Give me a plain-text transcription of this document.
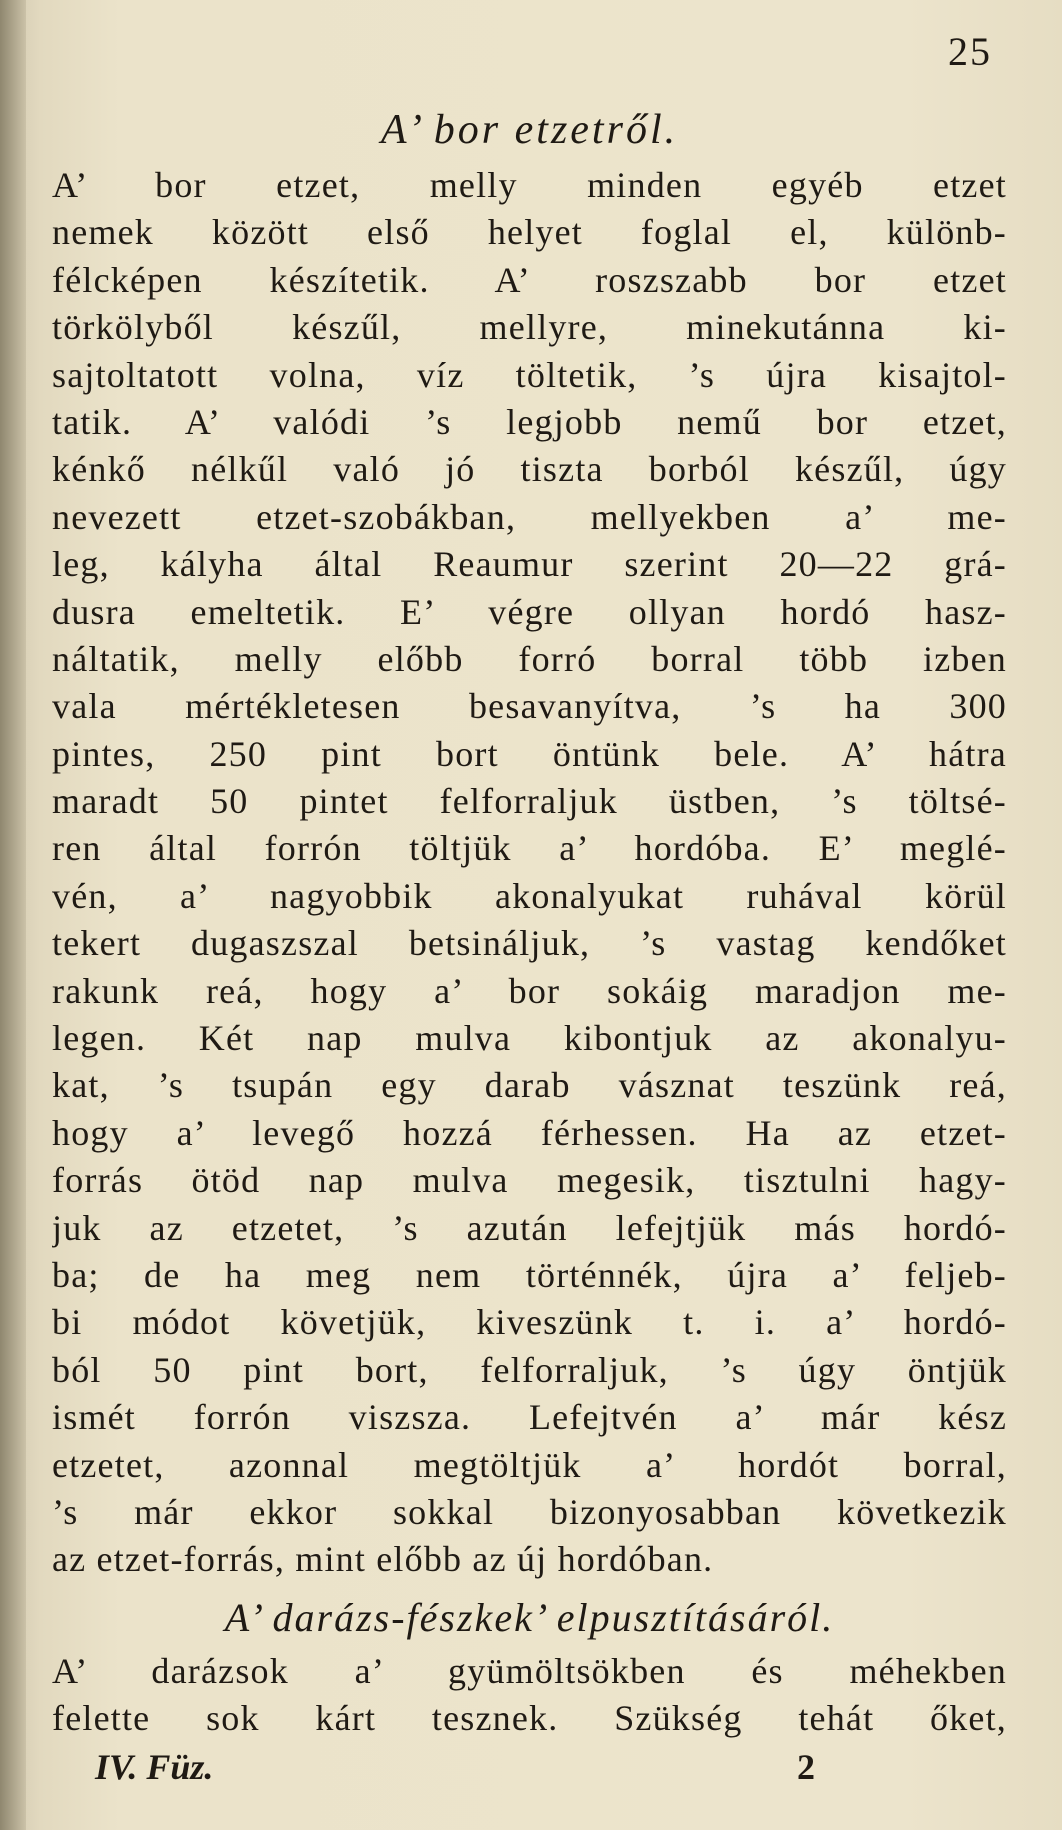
25
A’ bor etzetről.
A’ bor etzet, melly minden egyéb etzet
nemek között első helyet foglal el, különb-
félcképen készítetik. A’ roszszabb bor etzet
törkölyből készűl, mellyre, minekutánna ki-
sajtoltatott volna, víz töltetik, ’s újra kisajtol-
tatik. A’ valódi ’s legjobb nemű bor etzet,
kénkő nélkűl való jó tiszta borból készűl, úgy
nevezett etzet-szobákban, mellyekben a’ me-
leg, kályha által Reaumur szerint 20—22 grá-
dusra emeltetik. E’ végre ollyan hordó hasz-
náltatik, melly előbb forró borral több izben
vala mértékletesen besavanyítva, ’s ha 300
pintes, 250 pint bort öntünk bele. A’ hátra
maradt 50 pintet felforraljuk üstben, ’s töltsé-
ren által forrón töltjük a’ hordóba. E’ meglé-
vén, a’ nagyobbik akonalyukat ruhával körül
tekert dugaszszal betsináljuk, ’s vastag kendőket
rakunk reá, hogy a’ bor sokáig maradjon me-
legen. Két nap mulva kibontjuk az akonalyu-
kat, ’s tsupán egy darab vásznat teszünk reá,
hogy a’ levegő hozzá férhessen. Ha az etzet-
forrás ötöd nap mulva megesik, tisztulni hagy-
juk az etzetet, ’s azután lefejtjük más hordó-
ba; de ha meg nem történnék, újra a’ feljeb-
bi módot követjük, kiveszünk t. i. a’ hordó-
ból 50 pint bort, felforraljuk, ’s úgy öntjük
ismét forrón viszsza. Lefejtvén a’ már kész
etzetet, azonnal megtöltjük a’ hordót borral,
’s már ekkor sokkal bizonyosabban következik
az etzet-forrás, mint előbb az új hordóban.
A’ darázs-fészkek’ elpusztításáról.
A’ darázsok a’ gyümöltsökben és méhekben
felette sok kárt tesznek. Szükség tehát őket,
IV. Füz.	2
